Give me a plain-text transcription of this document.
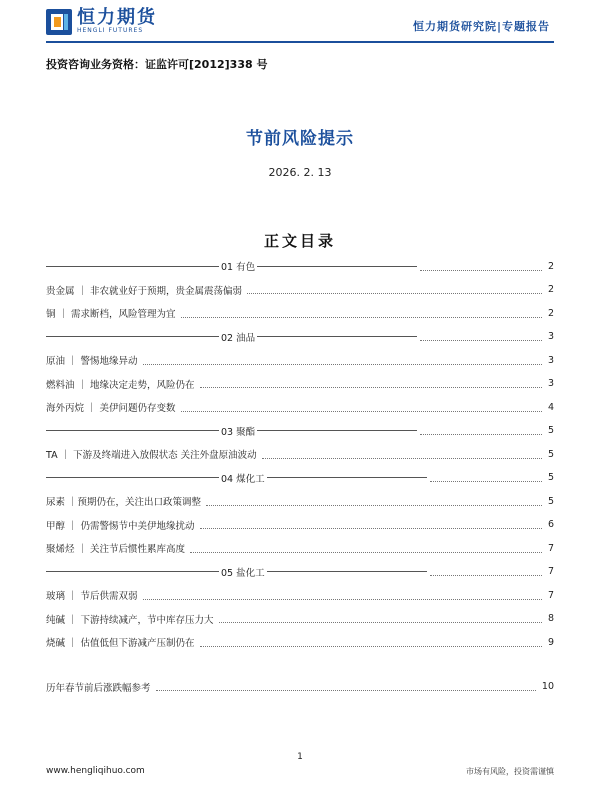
恒力期货
HENGLI FUTURES	恒力期货研究院|专题报告
投资咨询业务资格：证监许可[2012]338 号
节前风险提示
2026. 2. 13
正文目录
01 有色	2
贵金属 ｜ 非农就业好于预期，贵金属震荡偏弱	2
铜 ｜ 需求断档，风险管理为宜	2
02 油品	3
原油 ｜ 警惕地缘异动	3
燃料油 ｜ 地缘决定走势，风险仍在	3
海外丙烷 ｜ 美伊问题仍存变数	4
03 聚酯	5
TA ｜ 下游及终端进入放假状态 关注外盘原油波动	5
04 煤化工	5
尿素 ｜预期仍在，关注出口政策调整	5
甲醇 ｜ 仍需警惕节中美伊地缘扰动	6
聚烯烃 ｜ 关注节后惯性累库高度	7
05 盐化工	7
玻璃 ｜ 节后供需双弱	7
纯碱 ｜ 下游持续减产，节中库存压力大	8
烧碱 ｜ 估值低但下游减产压制仍在	9
历年春节前后涨跌幅参考	10
1
www.hengliqihuo.com	市场有风险，投资需谨慎
